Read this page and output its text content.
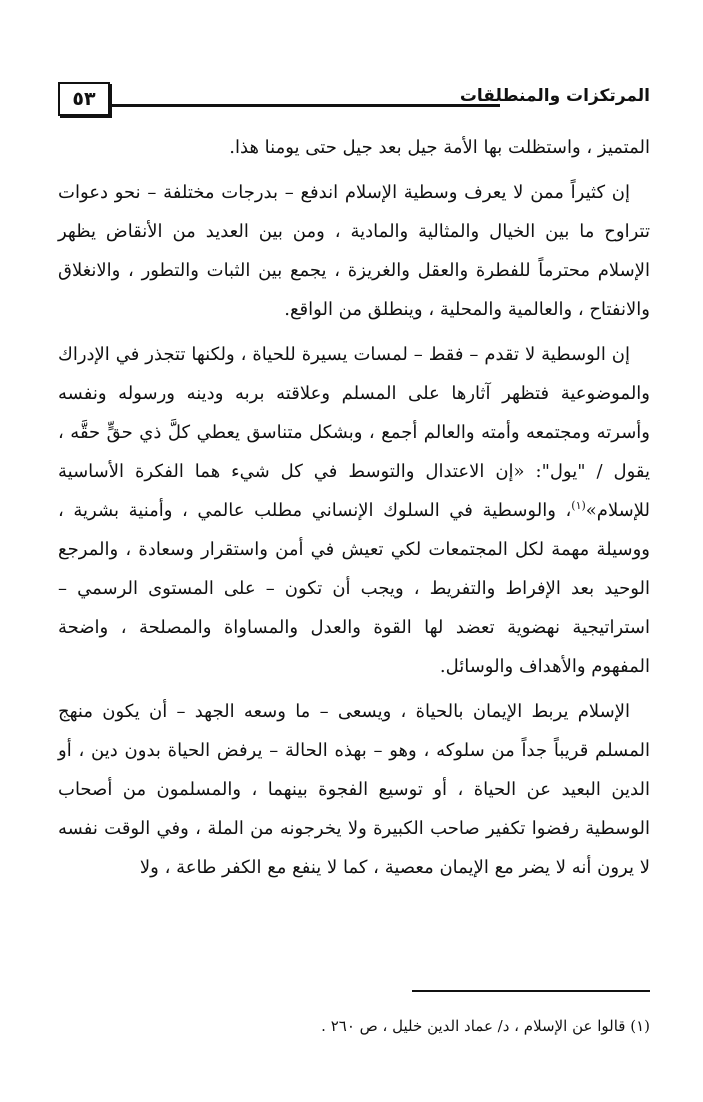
٥٣	المرتكزات والمنطلقات

المتميز ، واستظلت بها الأمة جيل بعد جيل حتى يومنا هذا.

إن كثيراً ممن لا يعرف وسطية الإسلام اندفع – بدرجات مختلفة – نحو دعوات تتراوح ما بين الخيال والمثالية والمادية ، ومن بين العديد من الأنقاض يظهر الإسلام محترماً للفطرة والعقل والغريزة ، يجمع بين الثبات والتطور ، والانغلاق والانفتاح ، والعالمية والمحلية ، وينطلق من الواقع.

إن الوسطية لا تقدم – فقط – لمسات يسيرة للحياة ، ولكنها تتجذر في الإدراك والموضوعية فتظهر آثارها على المسلم وعلاقته بربه ودينه ورسوله ونفسه وأسرته ومجتمعه وأمته والعالم أجمع ، وبشكل متناسق يعطي كلَّ ذي حقٍّ حقَّه ، يقول / "يول": «إن الاعتدال والتوسط في كل شيء هما الفكرة الأساسية للإسلام»$^{(١)}$، والوسطية في السلوك الإنساني مطلب عالمي ، وأمنية بشرية ، ووسيلة مهمة لكل المجتمعات لكي تعيش في أمن واستقرار وسعادة ، والمرجع الوحيد بعد الإفراط والتفريط ، ويجب أن تكون – على المستوى الرسمي – استراتيجية نهضوية تعضد لها القوة والعدل والمساواة والمصلحة ، واضحة المفهوم والأهداف والوسائل.

الإسلام يربط الإيمان بالحياة ، ويسعى – ما وسعه الجهد – أن يكون منهج المسلم قريباً جداً من سلوكه ، وهو – بهذه الحالة – يرفض الحياة بدون دين ، أو الدين البعيد عن الحياة ، أو توسيع الفجوة بينهما ، والمسلمون من أصحاب الوسطية رفضوا تكفير صاحب الكبيرة ولا يخرجونه من الملة ، وفي الوقت نفسه لا يرون أنه لا يضر مع الإيمان معصية ، كما لا ينفع مع الكفر طاعة ، ولا

(١) قالوا عن الإسلام ، د/ عماد الدين خليل ، ص ٢٦٠ .
